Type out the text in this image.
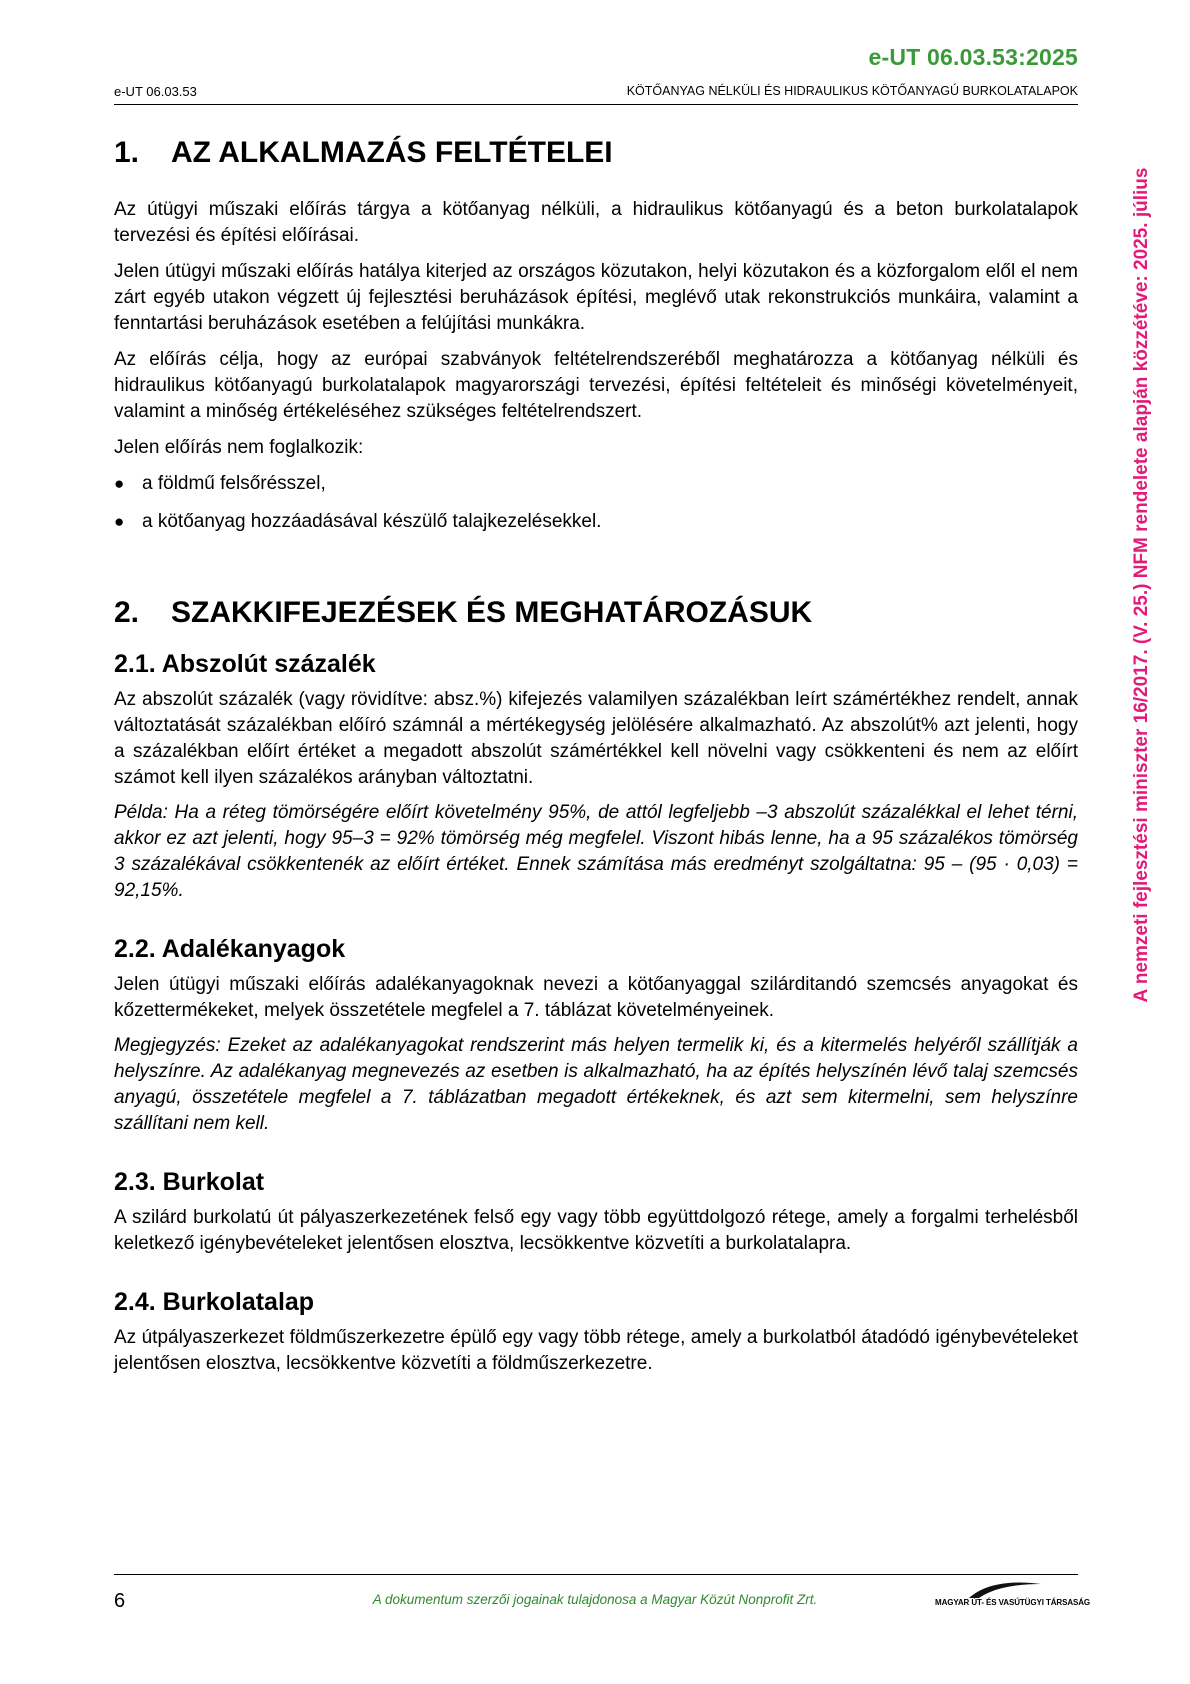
e-UT 06.03.53:2025
e-UT 06.03.53	KÖTŐANYAG NÉLKÜLI ÉS HIDRAULIKUS KÖTŐANYAGÚ BURKOLATALAPOK
A nemzeti fejlesztési miniszter 16/2017. (V. 25.) NFM rendelete alapján közzétéve: 2025. július
1.	AZ ALKALMAZÁS FELTÉTELEI

Az útügyi műszaki előírás tárgya a kötőanyag nélküli, a hidraulikus kötőanyagú és a beton burkolatalapok tervezési és építési előírásai.

Jelen útügyi műszaki előírás hatálya kiterjed az országos közutakon, helyi közutakon és a közforgalom elől el nem zárt egyéb utakon végzett új fejlesztési beruházások építési, meglévő utak rekonstrukciós munkáira, valamint a fenntartási beruházások esetében a felújítási munkákra.

Az előírás célja, hogy az európai szabványok feltételrendszeréből meghatározza a kötőanyag nélküli és hidraulikus kötőanyagú burkolatalapok magyarországi tervezési, építési feltételeit és minőségi követelményeit, valamint a minőség értékeléséhez szükséges feltételrendszert.

Jelen előírás nem foglalkozik:

● a földmű felsőrésszel,
● a kötőanyag hozzáadásával készülő talajkezelésekkel.
2.	SZAKKIFEJEZÉSEK ÉS MEGHATÁROZÁSUK
2.1. Abszolút százalék

Az abszolút százalék (vagy rövidítve: absz.%) kifejezés valamilyen százalékban leírt számértékhez rendelt, annak változtatását százalékban előíró számnál a mértékegység jelölésére alkalmazható. Az abszolút% azt jelenti, hogy a százalékban előírt értéket a megadott abszolút számértékkel kell növelni vagy csökkenteni és nem az előírt számot kell ilyen százalékos arányban változtatni.

Példa: Ha a réteg tömörségére előírt követelmény 95%, de attól legfeljebb –3 abszolút százalékkal el lehet térni, akkor ez azt jelenti, hogy 95–3 = 92% tömörség még megfelel. Viszont hibás lenne, ha a 95 százalékos tömörség 3 százalékával csökkentenék az előírt értéket. Ennek számítása más eredményt szolgáltatna: 95 – (95 · 0,03) = 92,15%.

2.2. Adalékanyagok

Jelen útügyi műszaki előírás adalékanyagoknak nevezi a kötőanyaggal szilárditandó szemcsés anyagokat és kőzettermékeket, melyek összetétele megfelel a 7. táblázat követelményeinek.

Megjegyzés: Ezeket az adalékanyagokat rendszerint más helyen termelik ki, és a kitermelés helyéről szállítják a helyszínre. Az adalékanyag megnevezés az esetben is alkalmazható, ha az építés helyszínén lévő talaj szemcsés anyagú, összetétele megfelel a 7. táblázatban megadott értékeknek, és azt sem kitermelni, sem helyszínre szállítani nem kell.

2.3. Burkolat

A szilárd burkolatú út pályaszerkezetének felső egy vagy több együttdolgozó rétege, amely a forgalmi terhelésből keletkező igénybevételeket jelentősen elosztva, lecsökkentve közvetíti a burkolatalapra.

2.4. Burkolatalap

Az útpályaszerkezet földműszerkezetre épülő egy vagy több rétege, amely a burkolatból átadódó igénybevételeket jelentősen elosztva, lecsökkentve közvetíti a földműszerkezetre.

6	A dokumentum szerzői jogainak tulajdonosa a Magyar Közút Nonprofit Zrt.	MAGYAR ÚT- ÉS VASÚTÜGYI TÁRSASÁG
